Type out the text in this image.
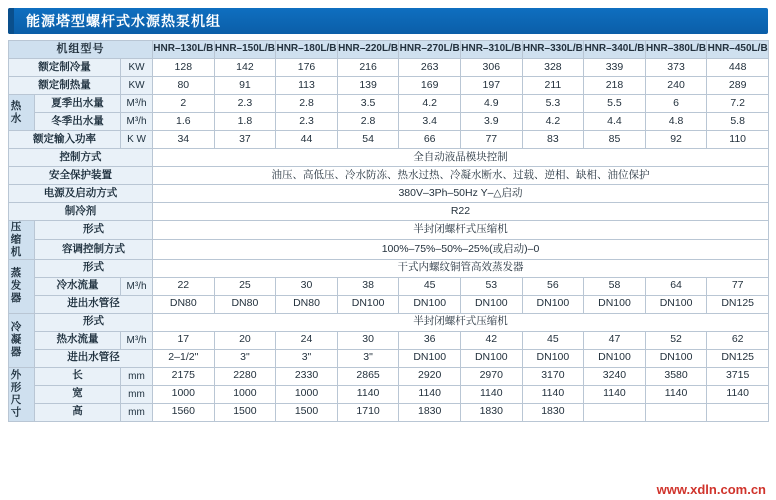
能源塔型螺杆式水源热泵机组
机组型号			HNR–130L/B	HNR–150L/B	HNR–180L/B	HNR–220L/B	HNR–270L/B	HNR–310L/B	HNR–330L/B	HNR–340L/B	HNR–380L/B	HNR–450L/B

额定制冷量		KW	128	142	176	216	263	306	328	339	373	448
额定制热量		KW	80	91	113	139	169	197	211	218	240	289

热水	夏季出水量	M³/h	2	2.3	2.8	3.5	4.2	4.9	5.3	5.5	6	7.2
	冬季出水量	M³/h	1.6	1.8	2.3	2.8	3.4	3.9	4.2	4.4	4.8	5.8
额定输入功率		K W	34	37	44	54	66	77	83	85	92	110
控制方式			全自动液晶模块控制									
安全保护装置			油压、高低压、冷水防冻、热水过热、冷凝水断水、过载、逆相、缺相、油位保护									
电源及启动方式			380V–3Ph–50Hz Y–△启动									
制冷剂			R22									

压缩机	形式		半封闭螺杆式压缩机									
	容调控制方式		100%–75%–50%–25%(或启动)–0									

蒸发器	形式		干式内螺纹铜管高效蒸发器									
	冷水流量	M³/h	22	25	30	38	45	53	56	58	64	77
	进出水管径		DN80	DN80	DN80	DN100	DN100	DN100	DN100	DN100	DN100	DN125

冷凝器	形式		半封闭螺杆式压缩机									
	热水流量	M³/h	17	20	24	30	36	42	45	47	52	62
	进出水管径		2–1/2"	3"	3"	3"	DN100	DN100	DN100	DN100	DN100	DN125

外形尺寸	长	mm	2175	2280	2330	2865	2920	2970	3170	3240	3580	3715
	宽	mm	1000	1000	1000	1140	1140	1140	1140	1140	1140	1140
	高	mm	1560	1500	1500	1710	1830	1830	1830			
www.xdln.com.cn
